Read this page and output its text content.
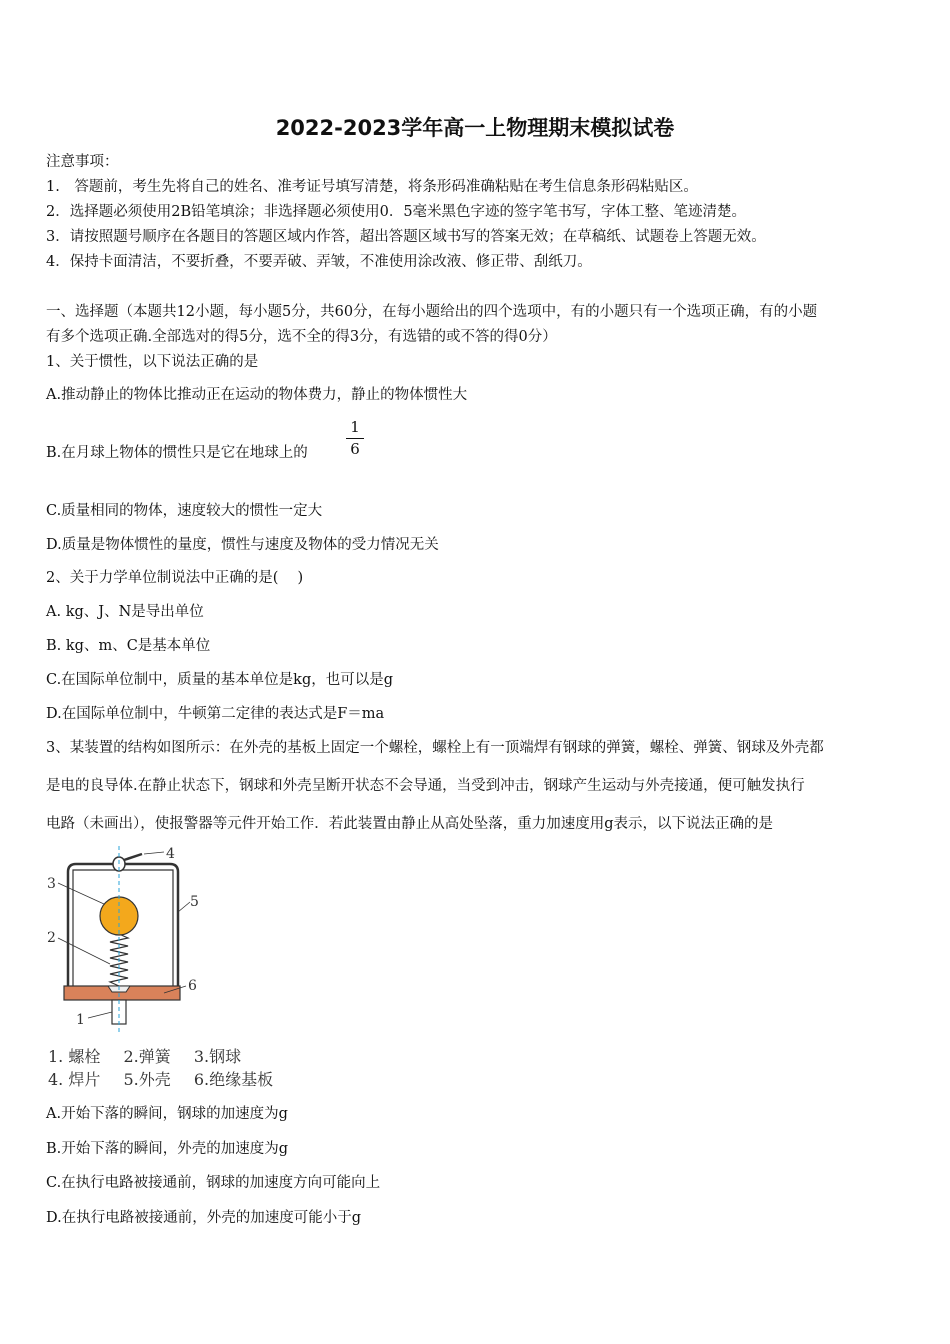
2022-2023学年高一上物理期末模拟试卷
注意事项：
1.　答题前，考生先将自己的姓名、准考证号填写清楚，将条形码准确粘贴在考生信息条形码粘贴区。
2．选择题必须使用2B铅笔填涂；非选择题必须使用0．5毫米黑色字迹的签字笔书写，字体工整、笔迹清楚。
3．请按照题号顺序在各题目的答题区域内作答，超出答题区域书写的答案无效；在草稿纸、试题卷上答题无效。
4．保持卡面清洁，不要折叠，不要弄破、弄皱，不准使用涂改液、修正带、刮纸刀。
一、选择题（本题共12小题，每小题5分，共60分，在每小题给出的四个选项中，有的小题只有一个选项正确，有的小题
有多个选项正确.全部选对的得5分，选不全的得3分，有选错的或不答的得0分）
1、关于惯性，以下说法正确的是
A.推动静止的物体比推动正在运动的物体费力，静止的物体惯性大
B.在月球上物体的惯性只是它在地球上的	$\frac{1}{6}$
C.质量相同的物体，速度较大的惯性一定大
D.质量是物体惯性的量度，惯性与速度及物体的受力情况无关
2、关于力学单位制说法中正确的是(　 )
A. kg、J、N是导出单位
B. kg、m、C是基本单位
C.在国际单位制中，质量的基本单位是kg，也可以是g
D.在国际单位制中，牛顿第二定律的表达式是F＝ma
3、某装置的结构如图所示：在外壳的基板上固定一个螺栓，螺栓上有一顶端焊有钢球的弹簧，螺栓、弹簧、钢球及外壳都
是电的良导体.在静止状态下，钢球和外壳呈断开状态不会导通，当受到冲击，钢球产生运动与外壳接通，便可触发执行
电路（未画出），使报警器等元件开始工作．若此装置由静止从高处坠落，重力加速度用g表示，以下说法正确的是
1
2
3
4
5
6
1. 螺栓 2.弹簧 3.钢球
4. 焊片 5.外壳 6.绝缘基板
A.开始下落的瞬间，钢球的加速度为g
B.开始下落的瞬间，外壳的加速度为g
C.在执行电路被接通前，钢球的加速度方向可能向上
D.在执行电路被接通前，外壳的加速度可能小于g
